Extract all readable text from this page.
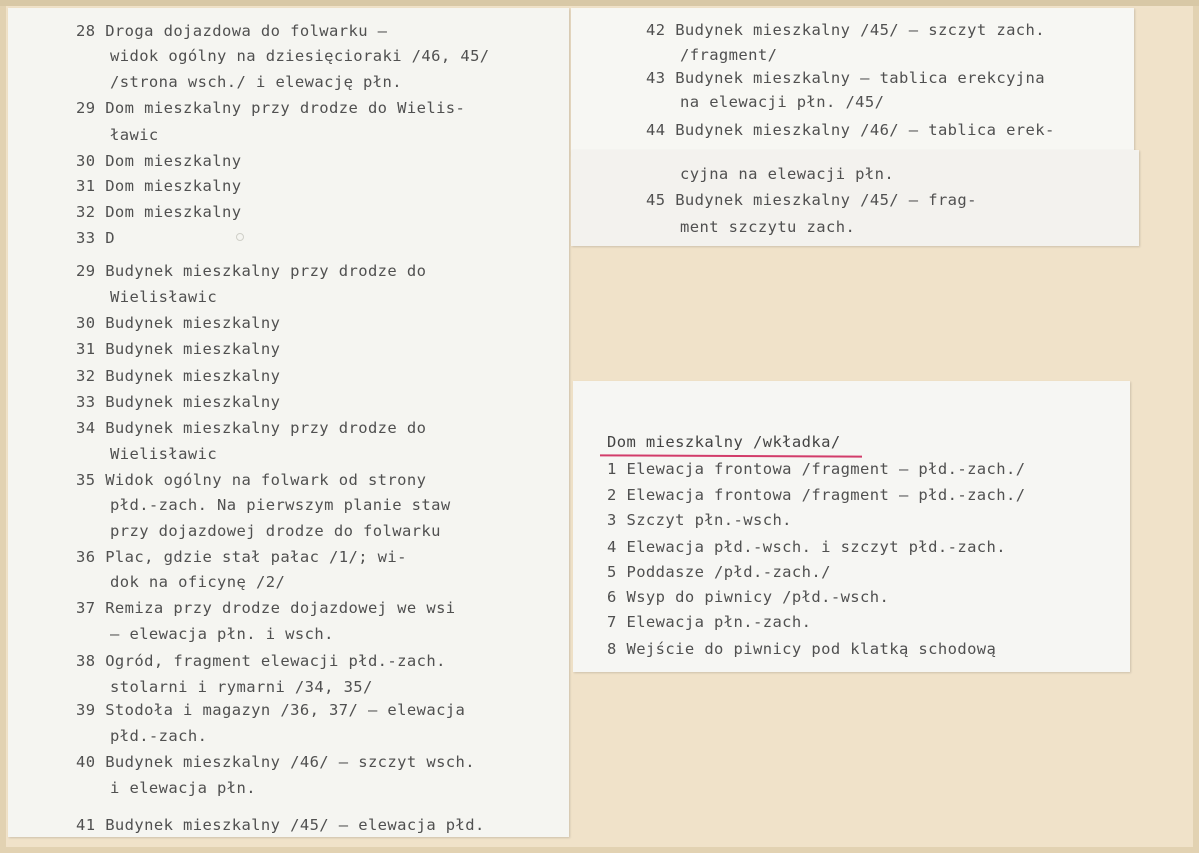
28 Droga dojazdowa do folwarku –
widok ogólny na dziesięcioraki /46, 45/
/strona wsch./ i elewację płn.
29 Dom mieszkalny przy drodze do Wielis-
ławic
30 Dom mieszkalny
31 Dom mieszkalny
32 Dom mieszkalny
33 D
29 Budynek mieszkalny przy drodze do
Wielisławic
30 Budynek mieszkalny
31 Budynek mieszkalny
32 Budynek mieszkalny
33 Budynek mieszkalny
34 Budynek mieszkalny przy drodze do
Wielisławic
35 Widok ogólny na folwark od strony
płd.-zach. Na pierwszym planie staw
przy dojazdowej drodze do folwarku
36 Plac, gdzie stał pałac /1/; wi-
dok na oficynę /2/
37 Remiza przy drodze dojazdowej we wsi
– elewacja płn. i wsch.
38 Ogród, fragment elewacji płd.-zach.
stolarni i rymarni /34, 35/
39 Stodoła i magazyn /36, 37/ – elewacja
płd.-zach.
40 Budynek mieszkalny /46/ – szczyt wsch.
i elewacja płn.
41 Budynek mieszkalny /45/ – elewacja płd.
42 Budynek mieszkalny /45/ – szczyt zach.
/fragment/
43 Budynek mieszkalny – tablica erekcyjna
na elewacji płn. /45/
44 Budynek mieszkalny /46/ – tablica erek-
cyjna na elewacji płn.
45 Budynek mieszkalny /45/ – frag-
ment szczytu zach.
Dom mieszkalny /wkładka/
1 Elewacja frontowa /fragment – płd.-zach./
2 Elewacja frontowa /fragment – płd.-zach./
3 Szczyt płn.-wsch.
4 Elewacja płd.-wsch. i szczyt płd.-zach.
5 Poddasze /płd.-zach./
6 Wsyp do piwnicy /płd.-wsch.
7 Elewacja płn.-zach.
8 Wejście do piwnicy pod klatką schodową
